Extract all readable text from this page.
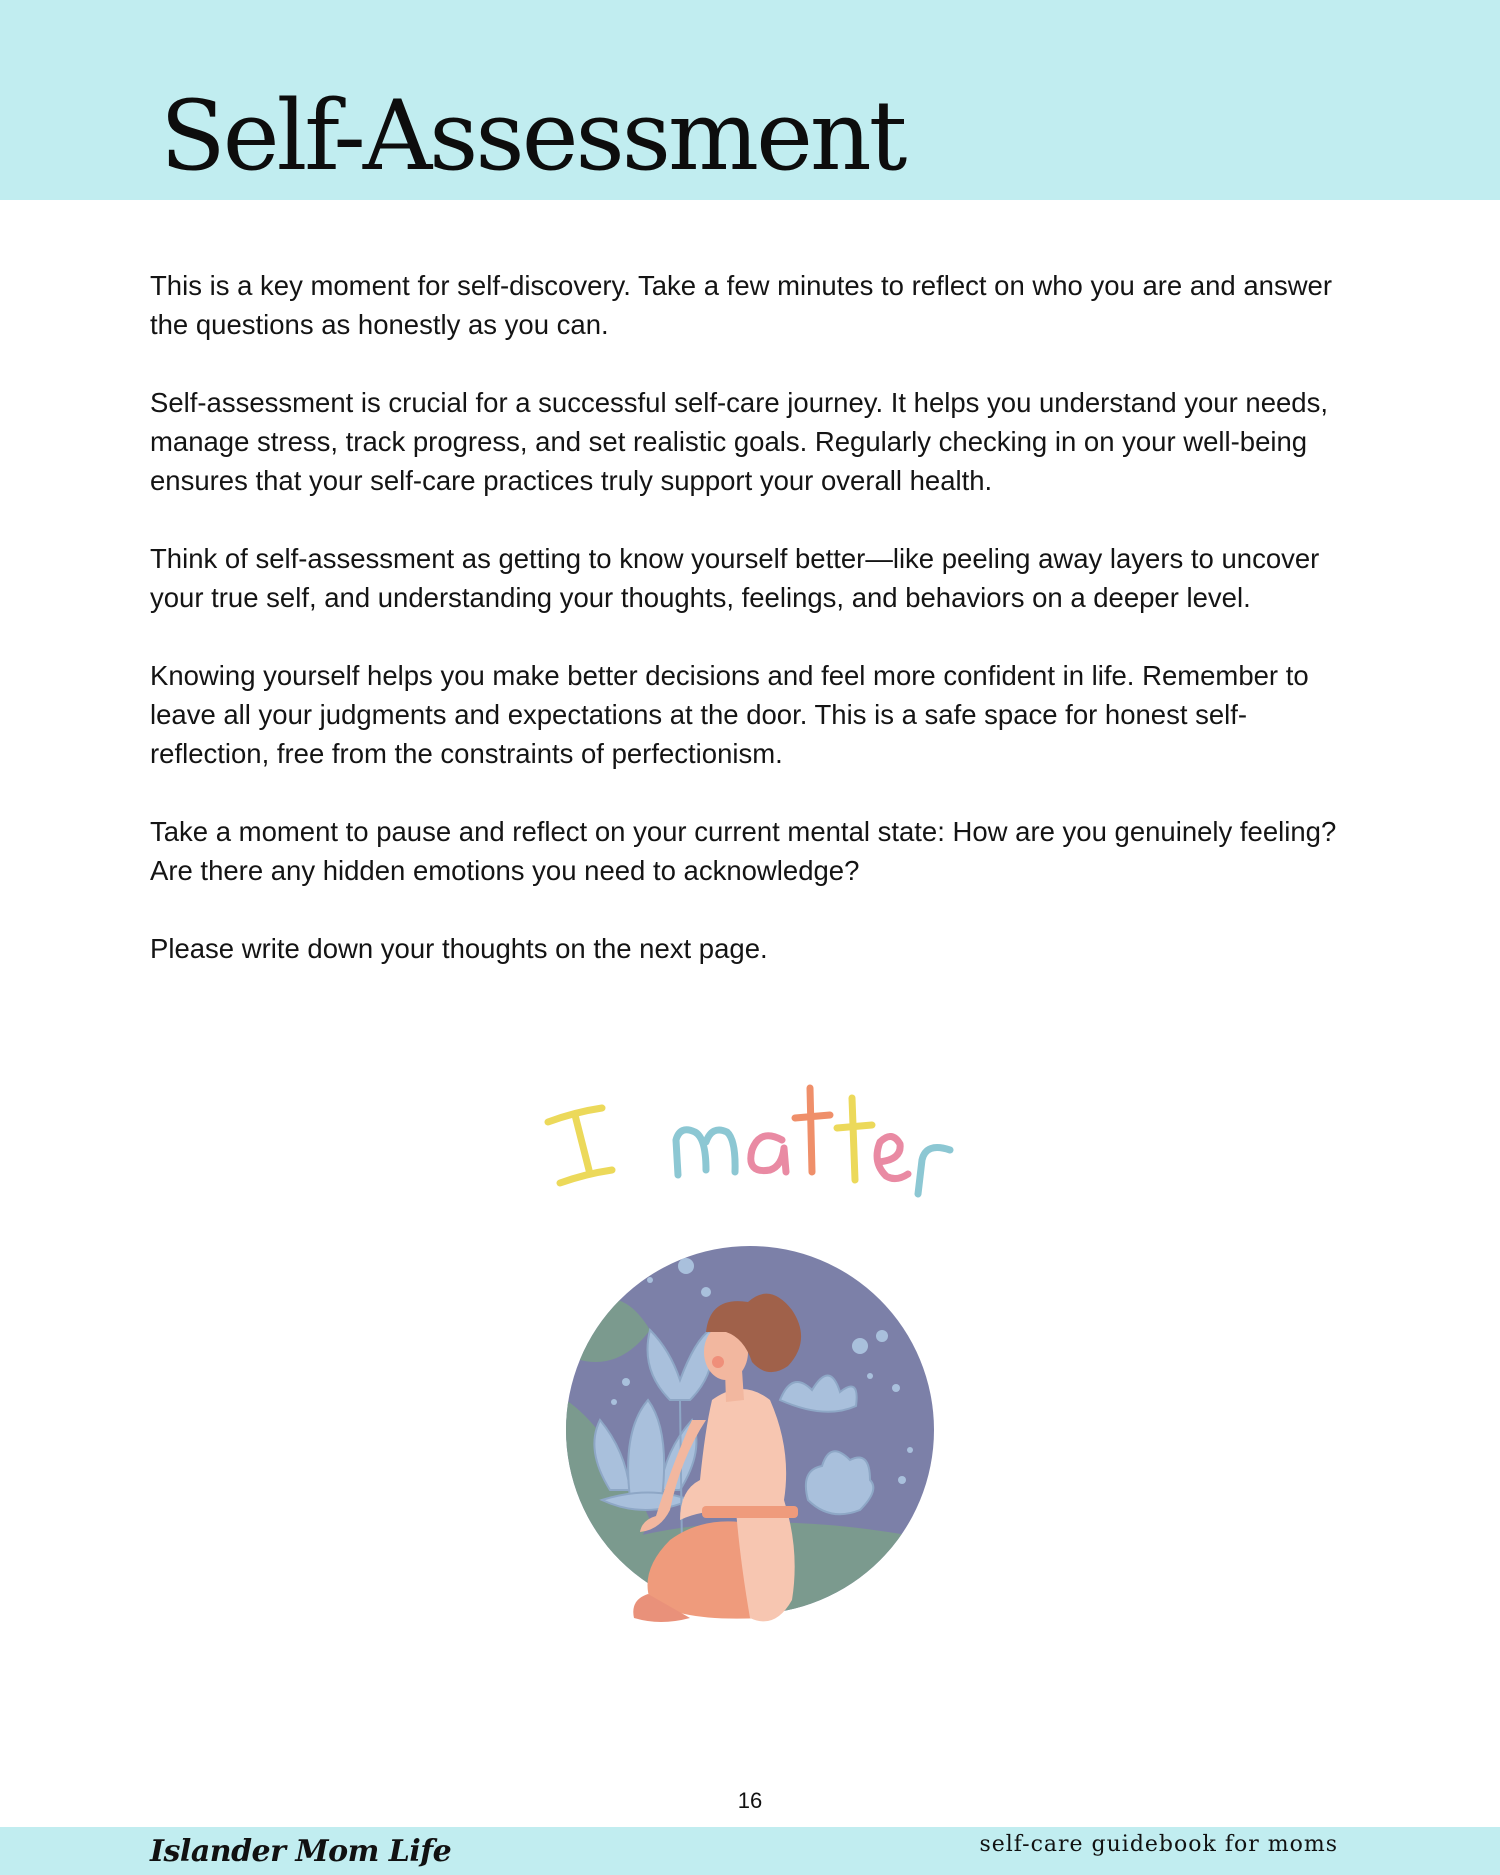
Self-Assessment

This is a key moment for self-discovery. Take a few minutes to reflect on who you are and answer the questions as honestly as you can.

Self-assessment is crucial for a successful self-care journey. It helps you understand your needs, manage stress, track progress, and set realistic goals. Regularly checking in on your well-being ensures that your self-care practices truly support your overall health.

Think of self-assessment as getting to know yourself better—like peeling away layers to uncover your true self, and understanding your thoughts, feelings, and behaviors on a deeper level.

Knowing yourself helps you make better decisions and feel more confident in life. Remember to leave all your judgments and expectations at the door. This is a safe space for honest self-reflection, free from the constraints of perfectionism.

Take a moment to pause and reflect on your current mental state: How are you genuinely feeling? Are there any hidden emotions you need to acknowledge?

Please write down your thoughts on the next page.

16
Islander Mom Life	self-care guidebook for moms
